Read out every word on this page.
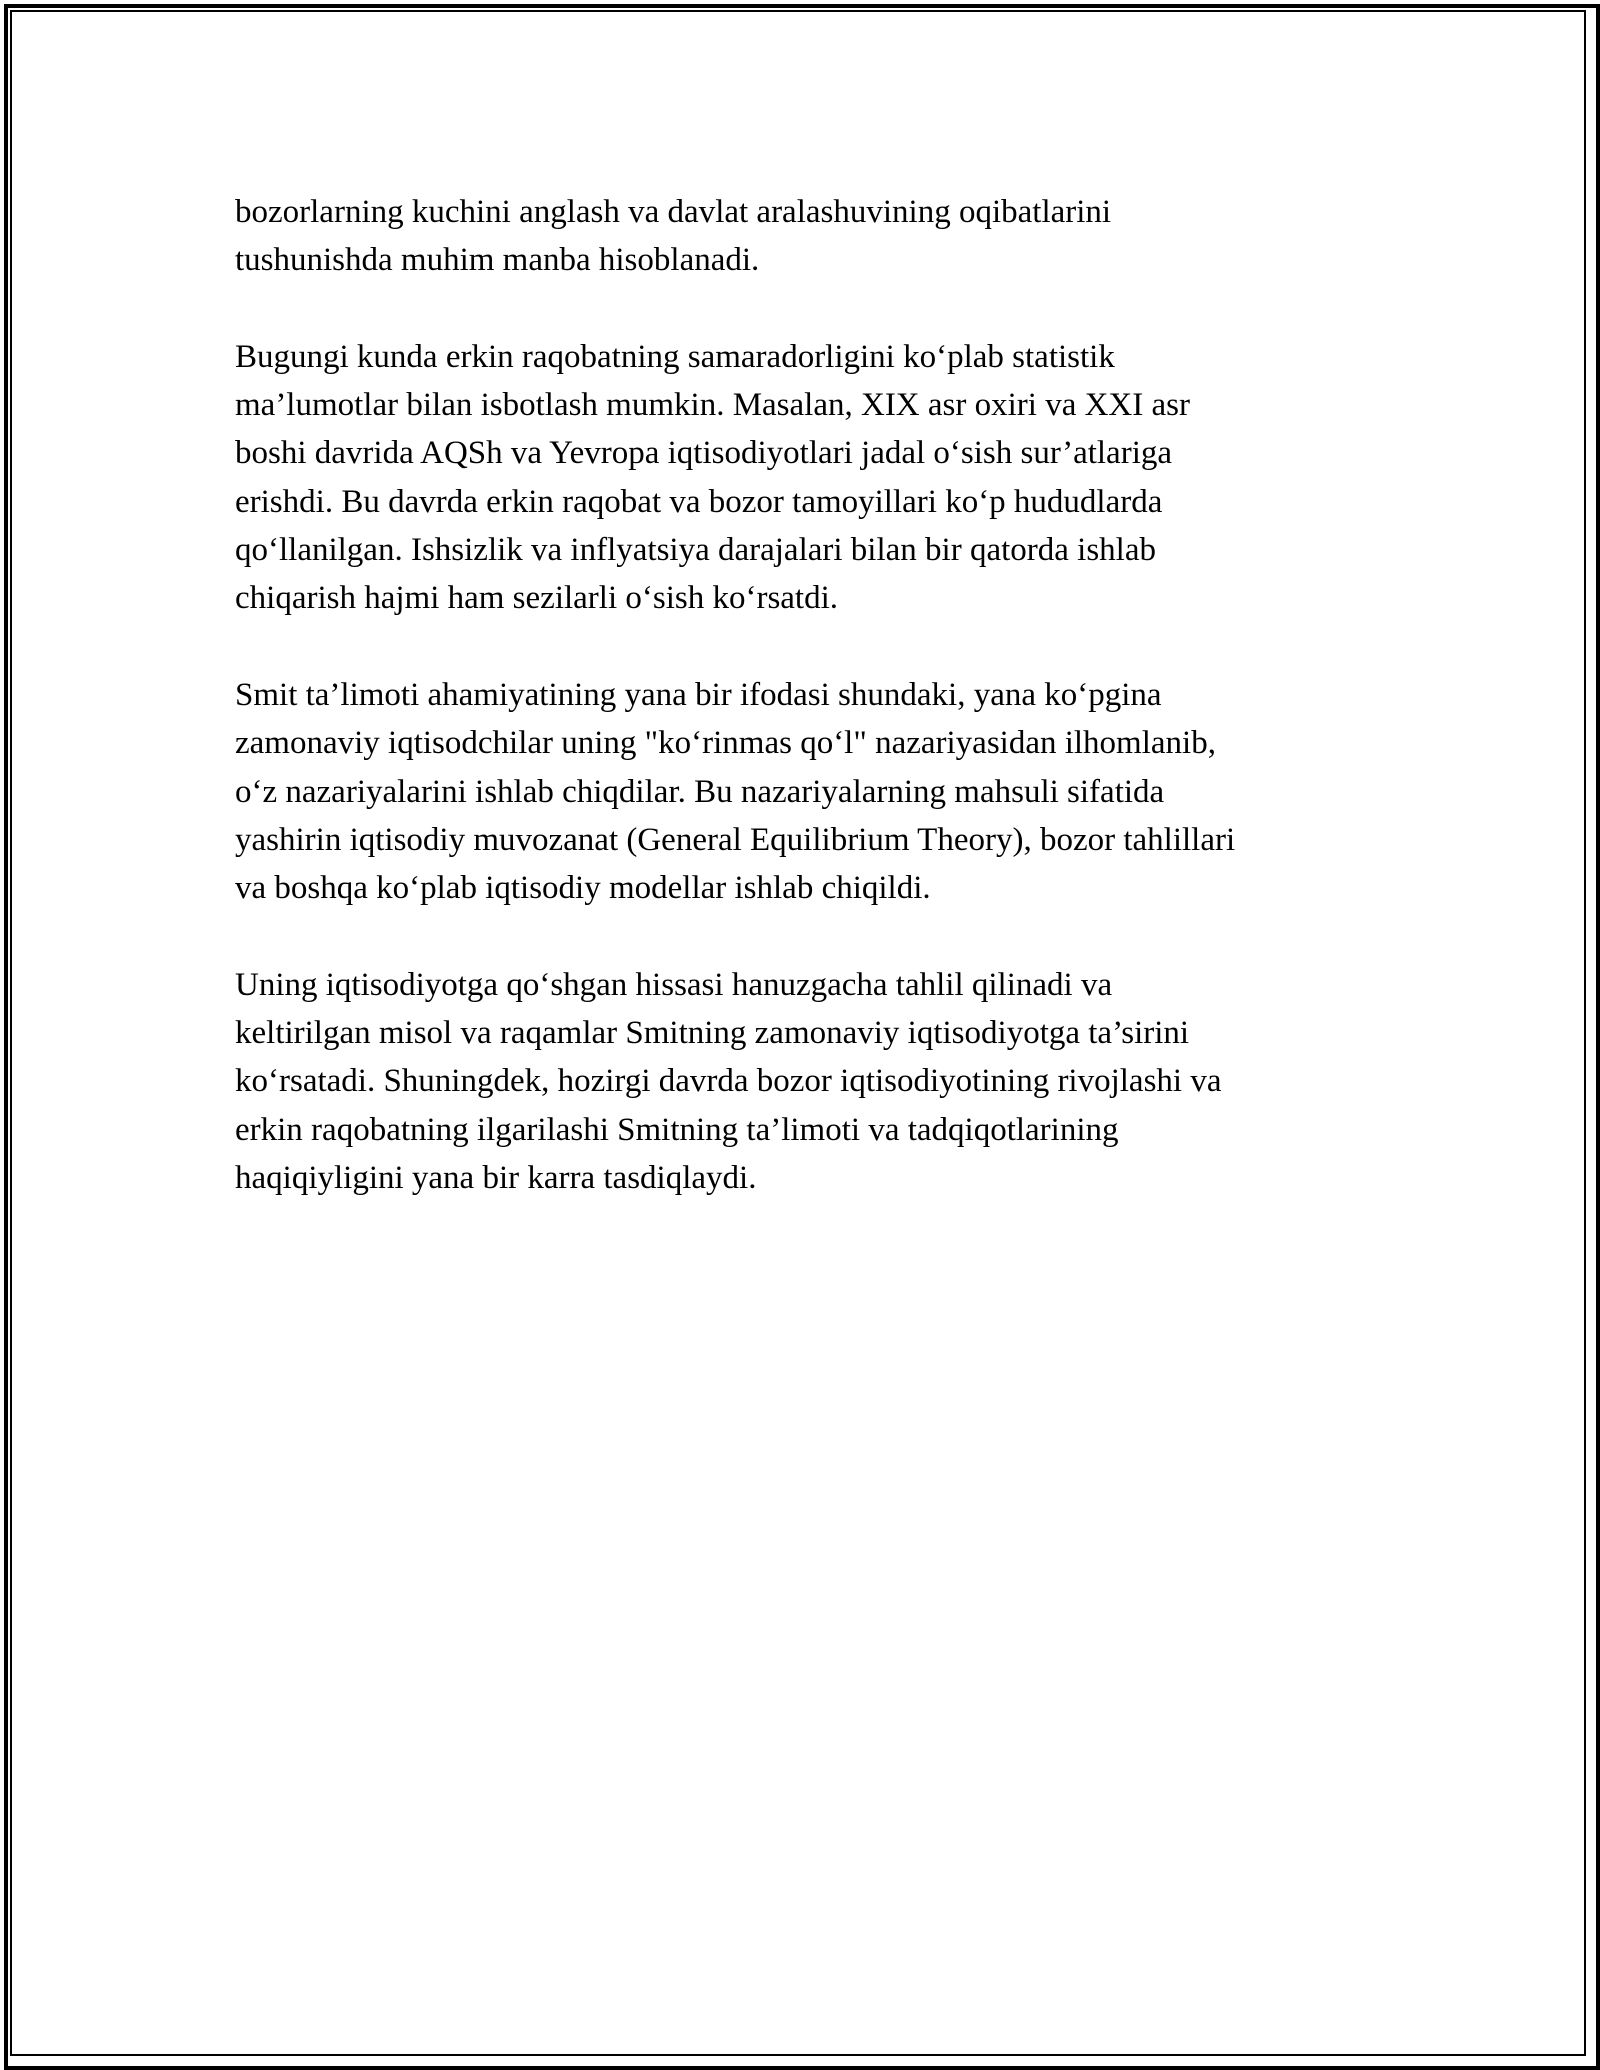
bozorlarning kuchini anglash va davlat aralashuvining oqibatlarini
tushunishda muhim manba hisoblanadi.
Bugungi kunda erkin raqobatning samaradorligini ko‘plab statistik
ma’lumotlar bilan isbotlash mumkin. Masalan, XIX asr oxiri va XXI asr
boshi davrida AQSh va Yevropa iqtisodiyotlari jadal o‘sish sur’atlariga
erishdi. Bu davrda erkin raqobat va bozor tamoyillari ko‘p hududlarda
qo‘llanilgan. Ishsizlik va inflyatsiya darajalari bilan bir qatorda ishlab
chiqarish hajmi ham sezilarli o‘sish ko‘rsatdi.
Smit ta’limoti ahamiyatining yana bir ifodasi shundaki, yana ko‘pgina
zamonaviy iqtisodchilar uning "ko‘rinmas qo‘l" nazariyasidan ilhomlanib,
o‘z nazariyalarini ishlab chiqdilar. Bu nazariyalarning mahsuli sifatida
yashirin iqtisodiy muvozanat (General Equilibrium Theory), bozor tahlillari
va boshqa ko‘plab iqtisodiy modellar ishlab chiqildi.
Uning iqtisodiyotga qo‘shgan hissasi hanuzgacha tahlil qilinadi va
keltirilgan misol va raqamlar Smitning zamonaviy iqtisodiyotga ta’sirini
ko‘rsatadi. Shuningdek, hozirgi davrda bozor iqtisodiyotining rivojlashi va
erkin raqobatning ilgarilashi Smitning ta’limoti va tadqiqotlarining
haqiqiyligini yana bir karra tasdiqlaydi.
